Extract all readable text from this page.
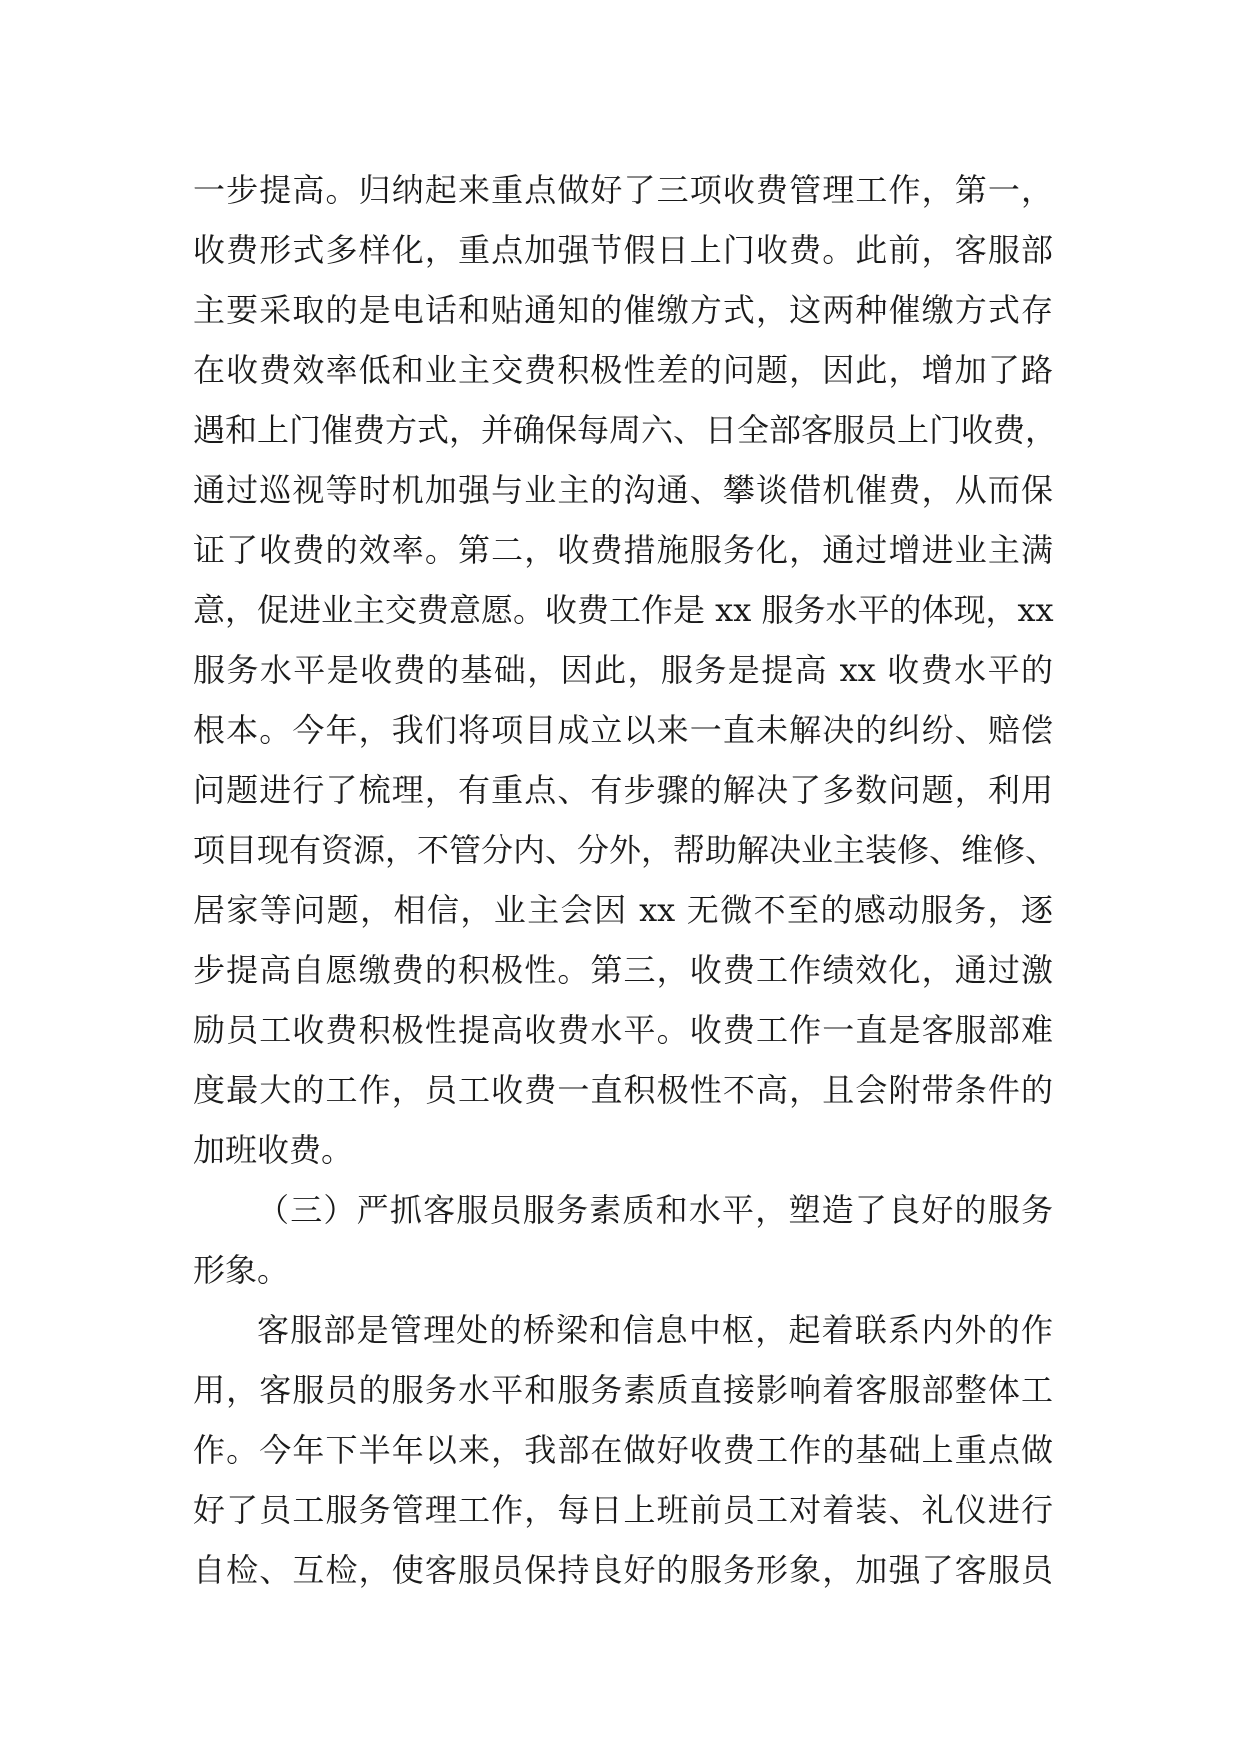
一步提高。归纳起来重点做好了三项收费管理工作，第一，
收费形式多样化，重点加强节假日上门收费。此前，客服部
主要采取的是电话和贴通知的催缴方式，这两种催缴方式存
在收费效率低和业主交费积极性差的问题，因此，增加了路
遇和上门催费方式，并确保每周六、日全部客服员上门收费，
通过巡视等时机加强与业主的沟通、攀谈借机催费，从而保
证了收费的效率。第二，收费措施服务化，通过增进业主满
意，促进业主交费意愿。收费工作是 xx 服务水平的体现，xx
服务水平是收费的基础，因此，服务是提高 xx 收费水平的
根本。今年，我们将项目成立以来一直未解决的纠纷、赔偿
问题进行了梳理，有重点、有步骤的解决了多数问题，利用
项目现有资源，不管分内、分外，帮助解决业主装修、维修、
居家等问题，相信，业主会因 xx 无微不至的感动服务，逐
步提高自愿缴费的积极性。第三，收费工作绩效化，通过激
励员工收费积极性提高收费水平。收费工作一直是客服部难
度最大的工作，员工收费一直积极性不高，且会附带条件的
加班收费。
（三）严抓客服员服务素质和水平，塑造了良好的服务
形象。
客服部是管理处的桥梁和信息中枢，起着联系内外的作
用，客服员的服务水平和服务素质直接影响着客服部整体工
作。今年下半年以来，我部在做好收费工作的基础上重点做
好了员工服务管理工作，每日上班前员工对着装、礼仪进行
自检、互检，使客服员保持良好的服务形象，加强了客服员
